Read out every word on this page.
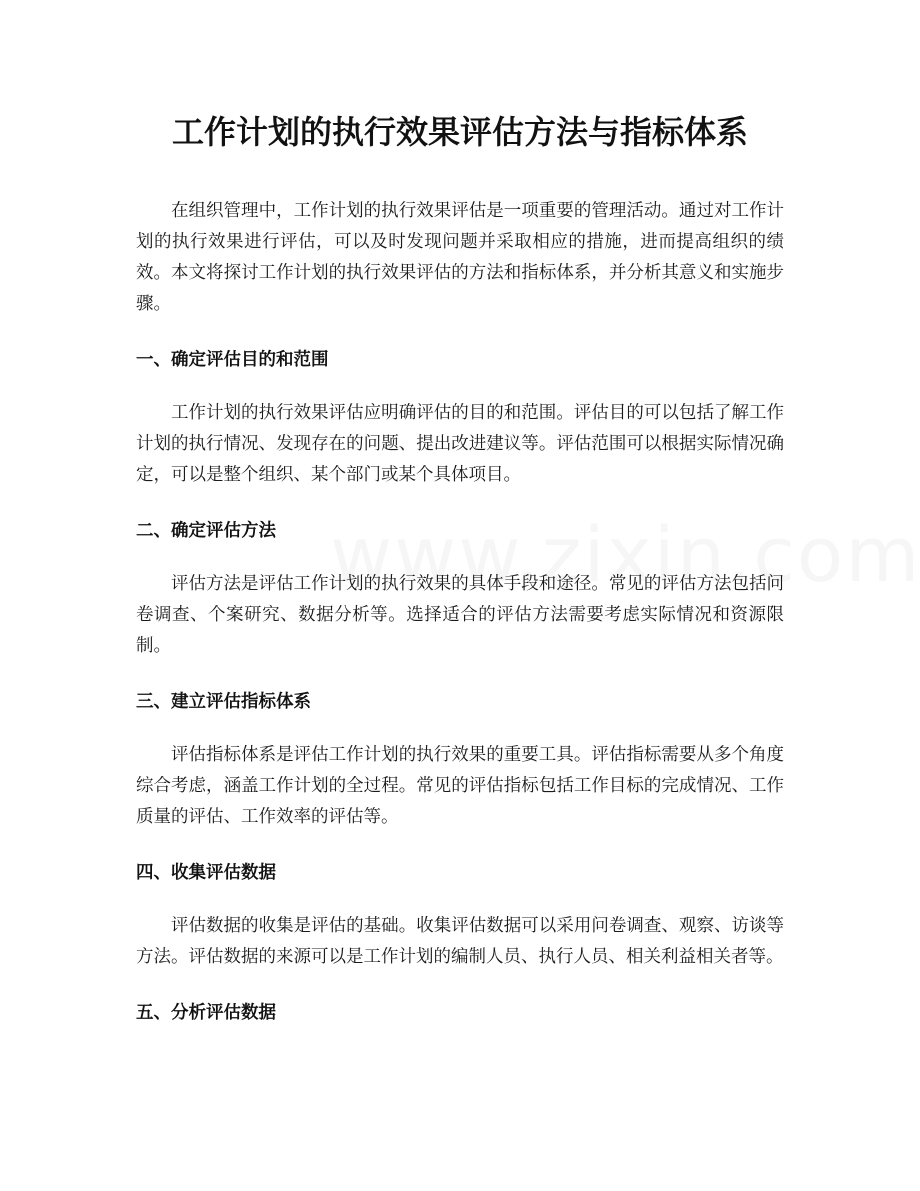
工作计划的执行效果评估方法与指标体系

在组织管理中，工作计划的执行效果评估是一项重要的管理活动。通过对工作计划的执行效果进行评估，可以及时发现问题并采取相应的措施，进而提高组织的绩效。本文将探讨工作计划的执行效果评估的方法和指标体系，并分析其意义和实施步骤。

一、确定评估目的和范围

工作计划的执行效果评估应明确评估的目的和范围。评估目的可以包括了解工作计划的执行情况、发现存在的问题、提出改进建议等。评估范围可以根据实际情况确定，可以是整个组织、某个部门或某个具体项目。

二、确定评估方法

评估方法是评估工作计划的执行效果的具体手段和途径。常见的评估方法包括问卷调查、个案研究、数据分析等。选择适合的评估方法需要考虑实际情况和资源限制。

三、建立评估指标体系

评估指标体系是评估工作计划的执行效果的重要工具。评估指标需要从多个角度综合考虑，涵盖工作计划的全过程。常见的评估指标包括工作目标的完成情况、工作质量的评估、工作效率的评估等。

四、收集评估数据

评估数据的收集是评估的基础。收集评估数据可以采用问卷调查、观察、访谈等方法。评估数据的来源可以是工作计划的编制人员、执行人员、相关利益相关者等。

五、分析评估数据
